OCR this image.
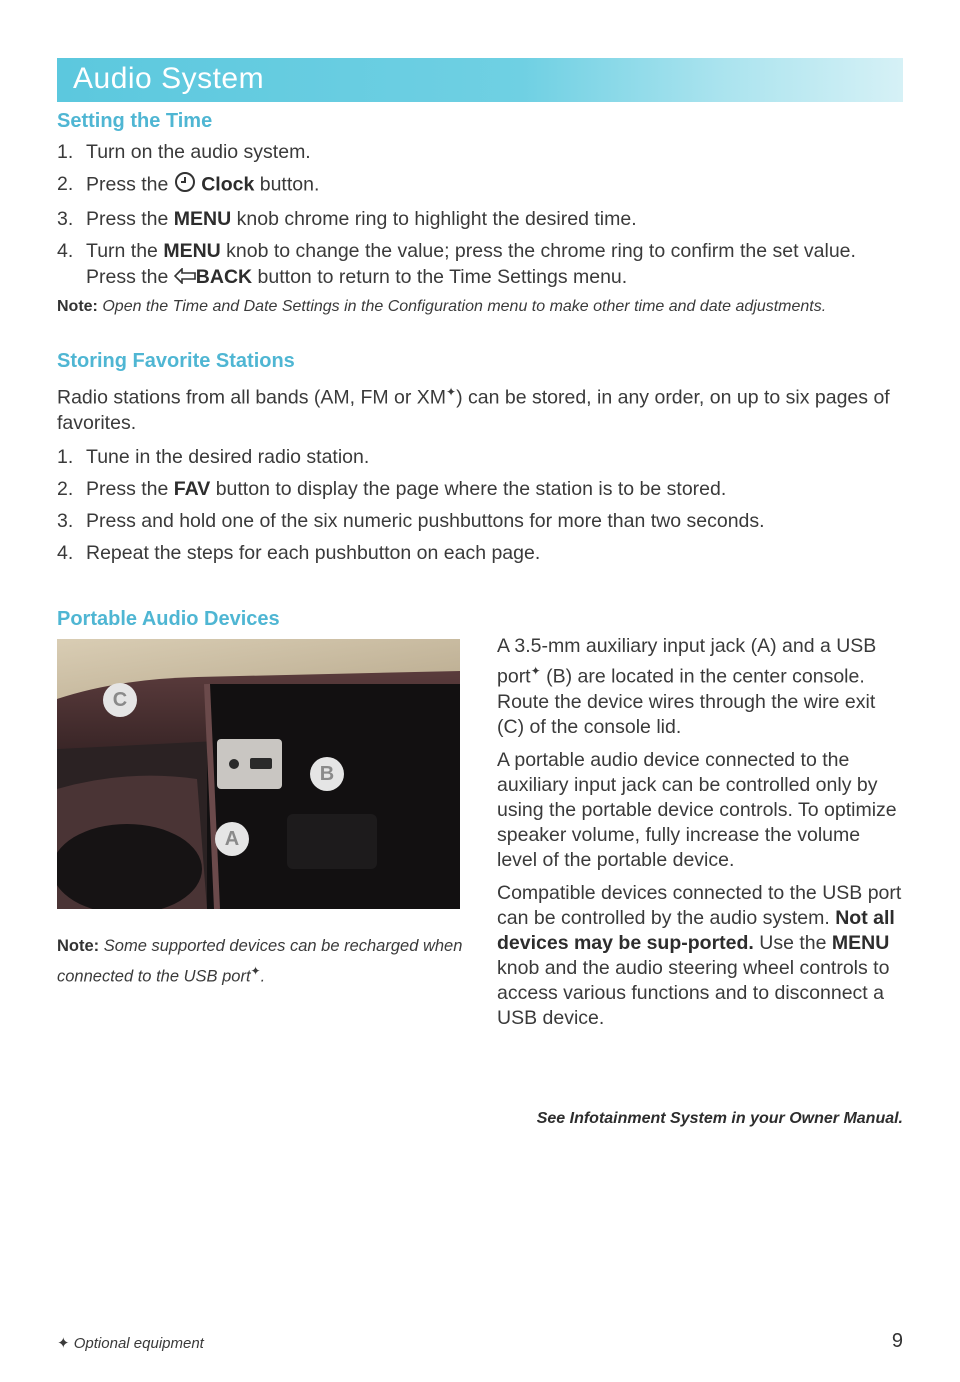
Audio System
Setting the Time
1. Turn on the audio system.
2. Press the  Clock button.
3. Press the MENU knob chrome ring to highlight the desired time.
4. Turn the MENU knob to change the value; press the chrome ring to confirm the set value. Press the BACK button to return to the Time Settings menu.

Note: Open the Time and Date Settings in the Configuration menu to make other time and date adjustments.

Storing Favorite Stations

Radio stations from all bands (AM, FM or XM✦) can be stored, in any order, on up to six pages of favorites.

1. Tune in the desired radio station.
2. Press the FAV button to display the page where the station is to be stored.
3. Press and hold one of the six numeric pushbuttons for more than two seconds.
4. Repeat the steps for each pushbutton on each page.
Portable Audio Devices
C
B
A

Note: Some supported devices can be recharged when connected to the USB port✦.

A 3.5-mm auxiliary input jack (A) and a USB port✦ (B) are located in the center console. Route the device wires through the wire exit (C) of the console lid.

A portable audio device connected to the auxiliary input jack can be controlled only by using the portable device controls. To optimize speaker volume, fully increase the volume level of the portable device.

Compatible devices connected to the USB port can be controlled by the audio system. Not all devices may be sup-ported. Use the MENU knob and the audio steering wheel controls to access various functions and to disconnect a USB device.

See Infotainment System in your Owner Manual.
✦ Optional equipment	9
